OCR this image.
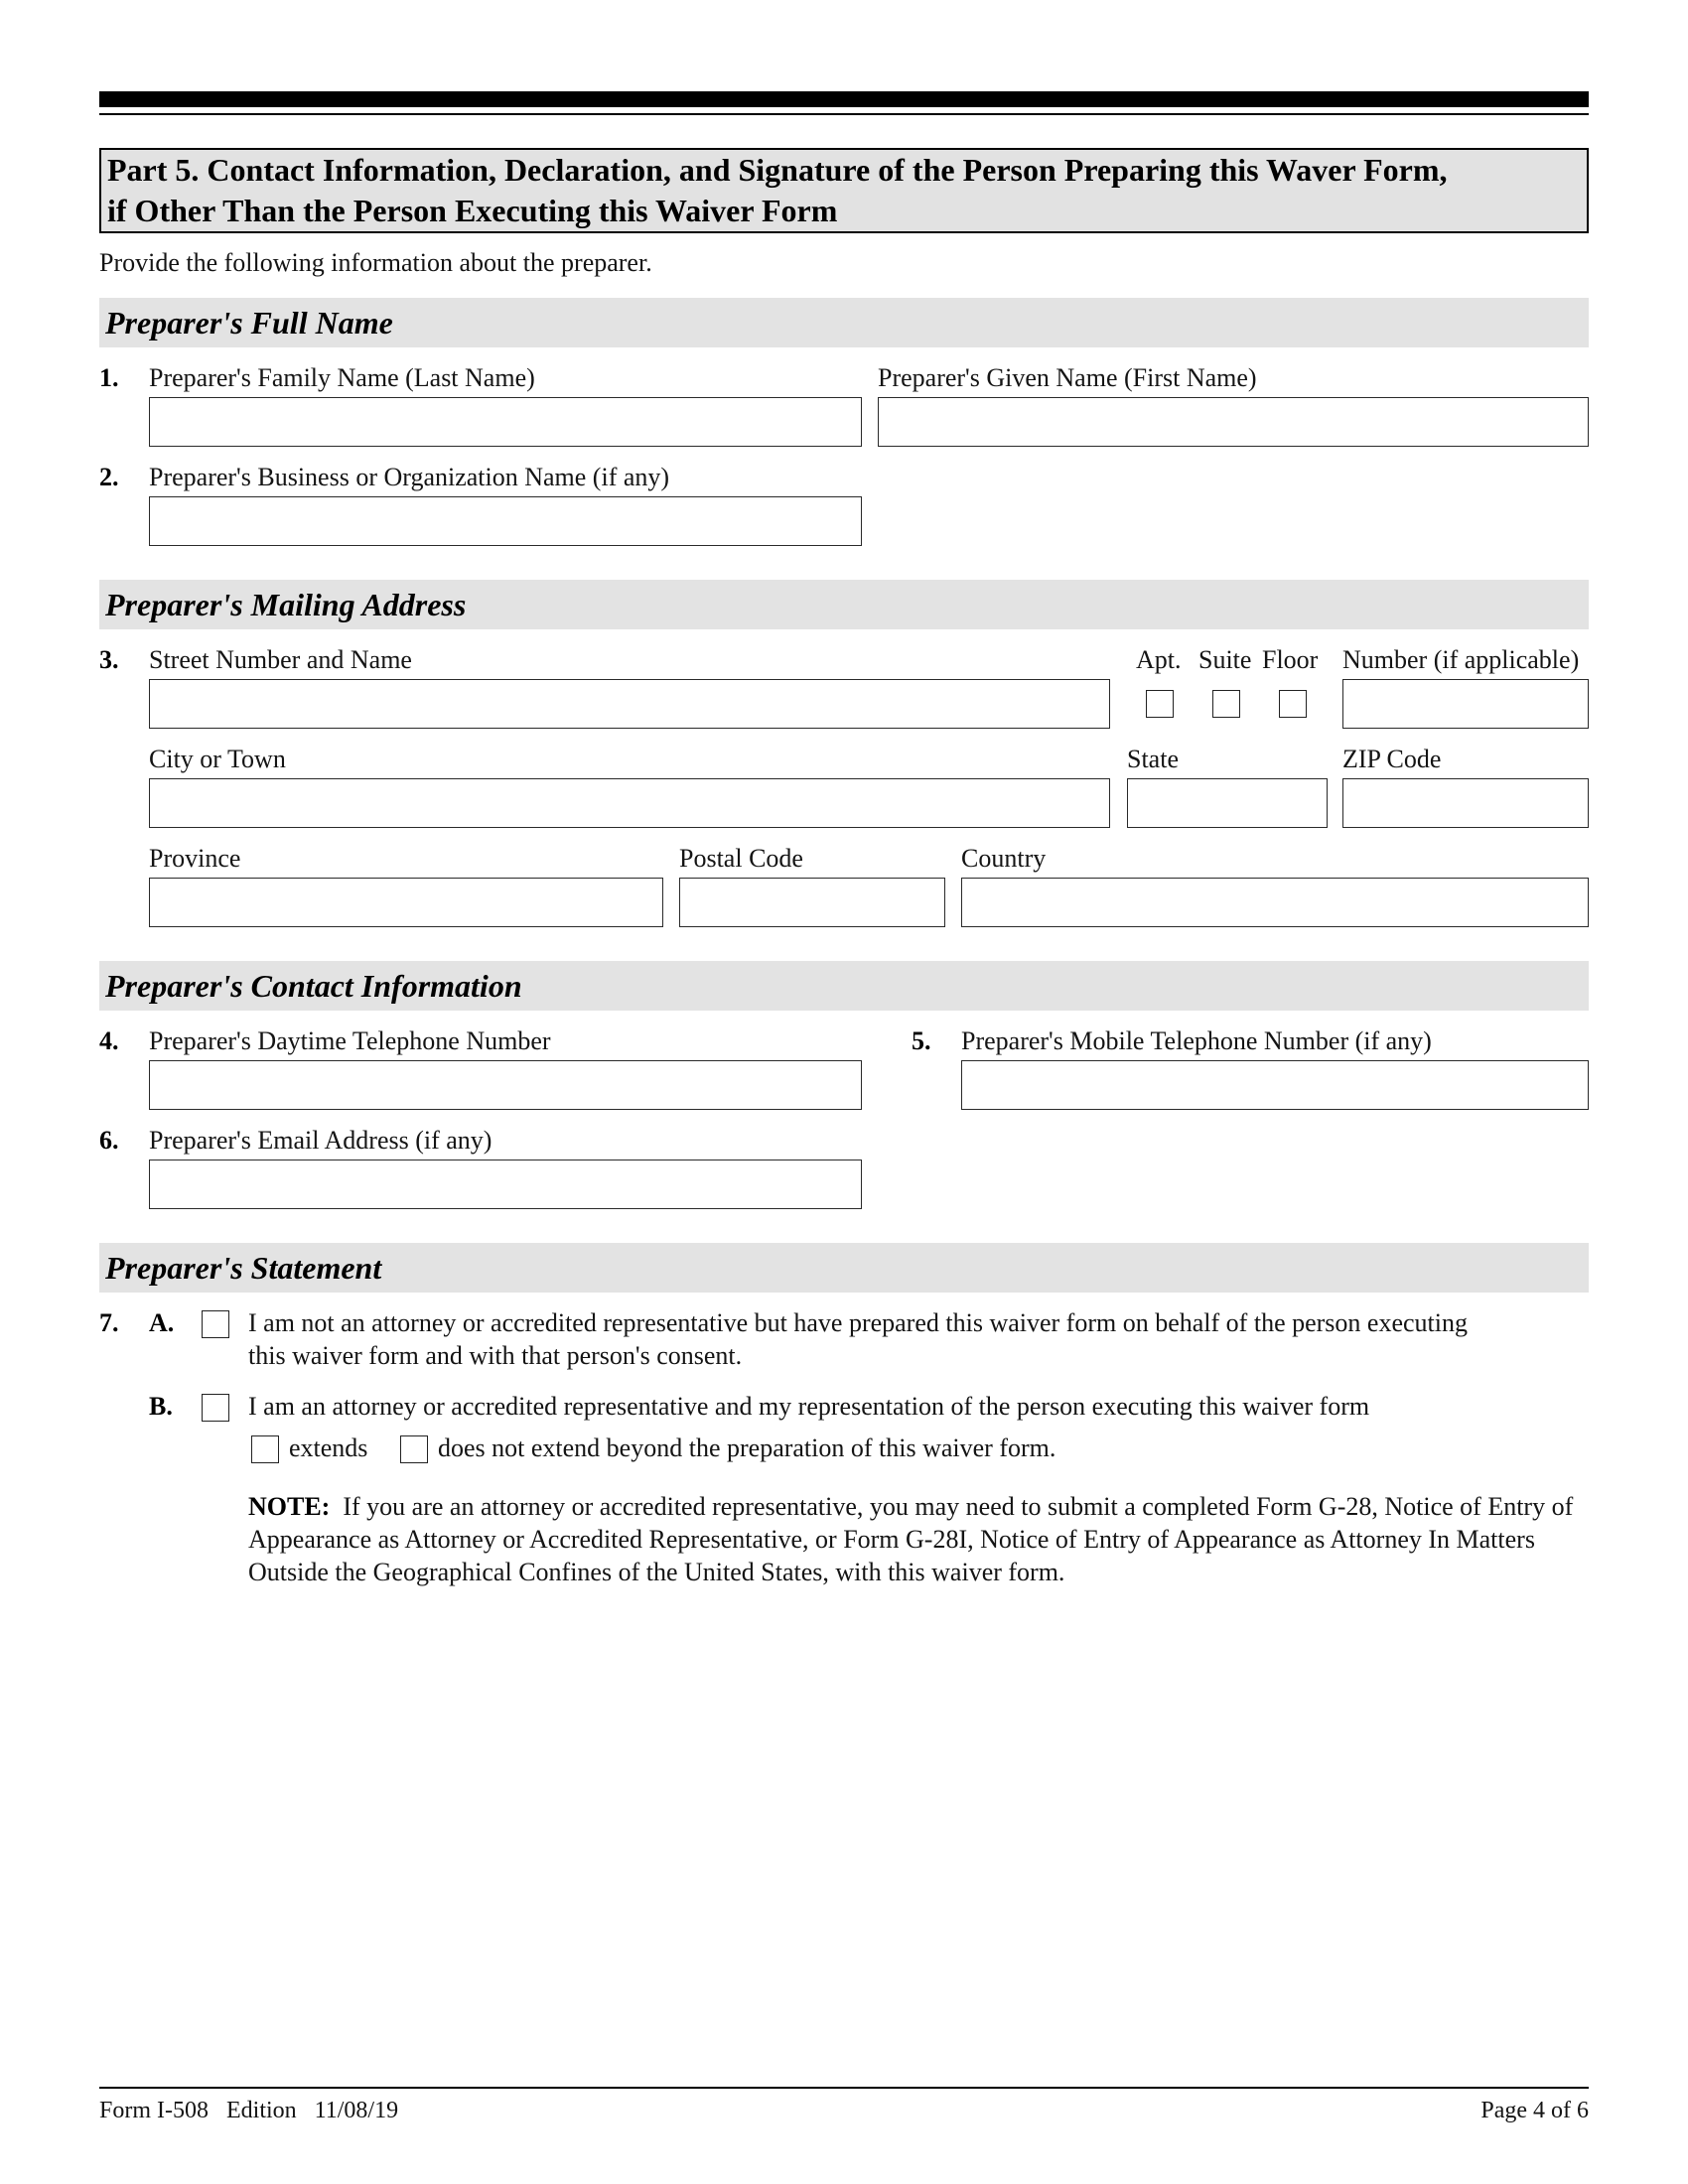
Part 5. Contact Information, Declaration, and Signature of the Person Preparing this Waver Form,
if Other Than the Person Executing this Waiver Form
Provide the following information about the preparer.
Preparer's Full Name
1. Preparer's Family Name (Last Name)	Preparer's Given Name (First Name)
2. Preparer's Business or Organization Name (if any)
Preparer's Mailing Address
3. Street Number and Name	Apt. Suite Floor Number (if applicable)
City or Town	State	ZIP Code
Province	Postal Code	Country
Preparer's Contact Information
4. Preparer's Daytime Telephone Number	5. Preparer's Mobile Telephone Number (if any)
6. Preparer's Email Address (if any)
Preparer's Statement
7. A.	I am not an attorney or accredited representative but have prepared this waiver form on behalf of the person executing
this waiver form and with that person's consent.
B.	I am an attorney or accredited representative and my representation of the person executing this waiver form
extends	does not extend beyond the preparation of this waiver form.
NOTE: If you are an attorney or accredited representative, you may need to submit a completed Form G-28, Notice of Entry of Appearance as Attorney or Accredited Representative, or Form G-28I, Notice of Entry of Appearance as Attorney In Matters Outside the Geographical Confines of the United States, with this waiver form.
Form I-508   Edition   11/08/19	Page 4 of 6
